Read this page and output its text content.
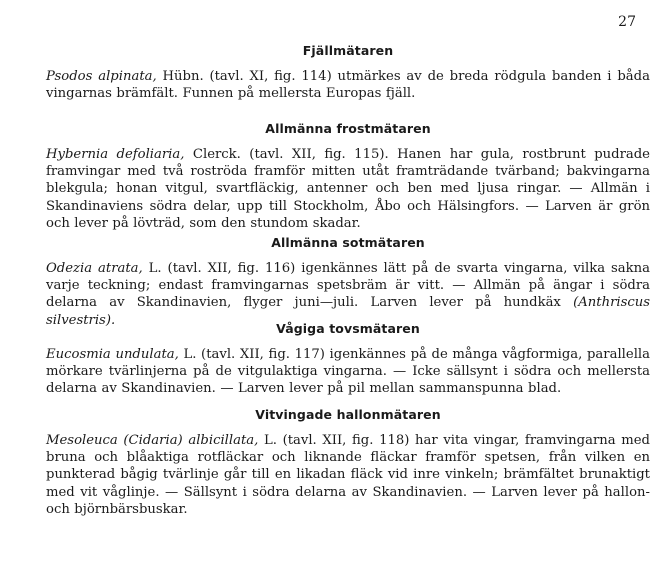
27
Fjällmätaren

Psodos alpinata, Hübn. (tavl. XI, fig. 114) utmärkes av de breda rödgula banden i båda vingarnas brämfält. Funnen på mellersta Europas fjäll.

Allmänna frostmätaren

Hybernia defoliaria, Clerck. (tavl. XII, fig. 115). Hanen har gula, rostbrunt pudrade framvingar med två roströda framför mitten utåt framträdande tvärband; bakvingarna blekgula; honan vitgul, svartfläckig, antenner och ben med ljusa ringar. — Allmän i Skandinaviens södra delar, upp till Stockholm, Åbo och Hälsingfors. — Larven är grön och lever på lövträd, som den stundom skadar.

Allmänna sotmätaren

Odezia atrata, L. (tavl. XII, fig. 116) igenkännes lätt på de svarta vingarna, vilka sakna varje teckning; endast framvingarnas spetsbräm är vitt. — Allmän på ängar i södra delarna av Skandinavien, flyger juni—juli. Larven lever på hundkäx (Anthriscus silvestris).

Vågiga tovsmätaren

Eucosmia undulata, L. (tavl. XII, fig. 117) igenkännes på de många vågformiga, parallella mörkare tvärlinjerna på de vitgulaktiga vingarna. — Icke sällsynt i södra och mellersta delarna av Skandinavien. — Larven lever på pil mellan sammanspunna blad.

Vitvingade hallonmätaren

Mesoleuca (Cidaria) albicillata, L. (tavl. XII, fig. 118) har vita vingar, framvingarna med bruna och blåaktiga rotfläckar och liknande fläckar framför spetsen, från vilken en punkterad bågig tvärlinje går till en likadan fläck vid inre vinkeln; brämfältet brunaktigt med vit våglinje. — Sällsynt i södra delarna av Skandinavien. — Larven lever på hallon- och björnbärsbuskar.
